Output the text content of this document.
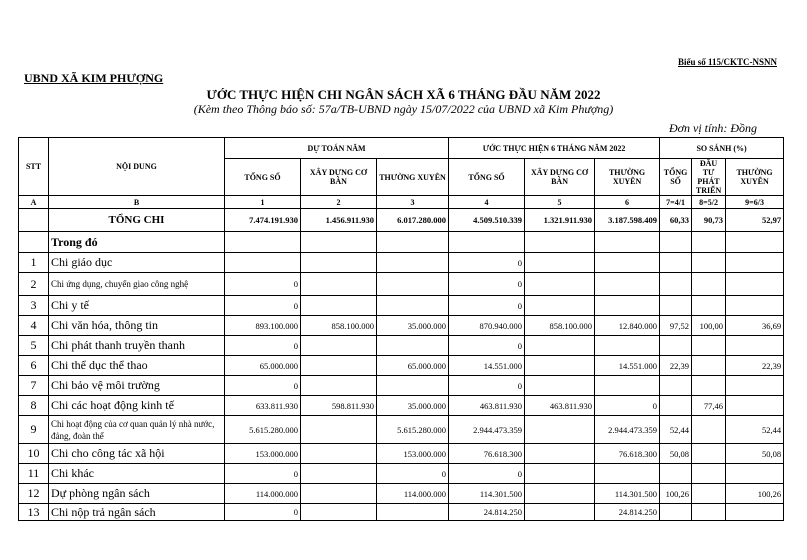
Biểu số 115/CKTC-NSNN
UBND XÃ KIM PHƯỢNG
ƯỚC THỰC HIỆN CHI NGÂN SÁCH XÃ 6 THÁNG ĐẦU NĂM 2022
(Kèm theo Thông báo số: 57a/TB-UBND ngày 15/07/2022 của UBND xã Kim Phượng)
Đơn vị tính: Đồng
STT	NỘI DUNG	DỰ TOÁN NĂM			ƯỚC THỰC HIỆN 6 THÁNG NĂM 2022			SO SÁNH (%)		
		TỔNG SỐ	XÂY DỰNG CƠ BẢN	THƯỜNG XUYÊN	TỔNG SỐ	XÂY DỰNG CƠ BẢN	THƯỜNG XUYÊN	TỔNG SỐ	ĐẦU TƯ PHÁT TRIỂN	THƯỜNG XUYÊN
A	B	1	2	3	4	5	6	7=4/1	8=5/2	9=6/3
	TỔNG CHI	7.474.191.930	1.456.911.930	6.017.280.000	4.509.510.339	1.321.911.930	3.187.598.409	60,33	90,73	52,97
	Trong đó									
1	Chi giáo dục				0					
2	Chi ứng dụng, chuyển giao công nghệ	0			0					
3	Chi y tế	0			0					
4	Chi văn hóa, thông tin	893.100.000	858.100.000	35.000.000	870.940.000	858.100.000	12.840.000	97,52	100,00	36,69
5	Chi phát thanh truyền thanh	0			0					
6	Chi thể dục thể thao	65.000.000		65.000.000	14.551.000		14.551.000	22,39		22,39
7	Chi bảo vệ môi trường	0			0					
8	Chi các hoạt động kinh tế	633.811.930	598.811.930	35.000.000	463.811.930	463.811.930	0		77,46	
9	Chi hoạt động của cơ quan quản lý nhà nước, đảng, đoàn thể	5.615.280.000		5.615.280.000	2.944.473.359		2.944.473.359	52,44		52,44
10	Chi cho công tác xã hội	153.000.000		153.000.000	76.618.300		76.618.300	50,08		50,08
11	Chi khác	0		0	0					
12	Dự phòng ngân sách	114.000.000		114.000.000	114.301.500		114.301.500	100,26		100,26
13	Chi nộp trả ngân sách	0			24.814.250		24.814.250			
